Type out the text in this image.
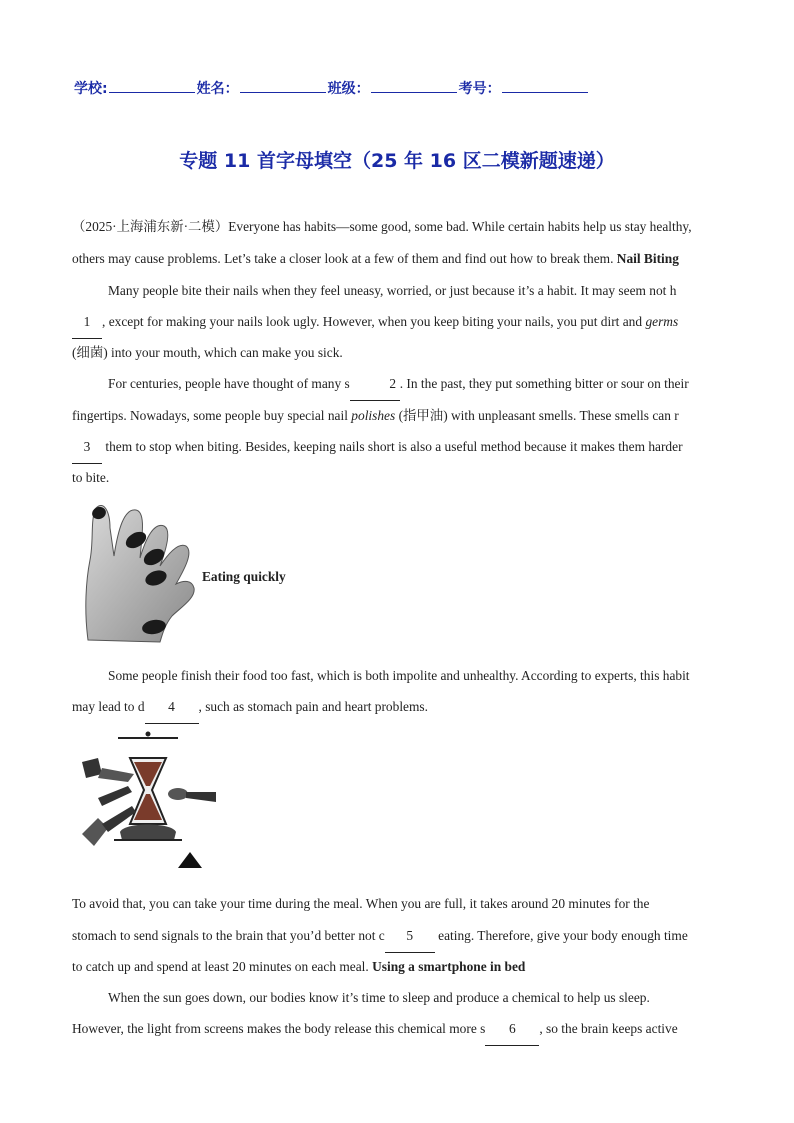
学校:	姓名：	班级：	考号：
专题 11 首字母填空（25 年 16 区二模新题速递）
（2025·上海浦东新·二模）Everyone has habits—some good, some bad. While certain habits help us stay healthy,
others may cause problems. Let’s take a closer look at a few of them and find out how to break them. Nail Biting
Many people bite their nails when they feel uneasy, worried, or just because it’s a habit. It may seem not h
1 , except for making your nails look ugly. However, when you keep biting your nails, you put dirt and germs
(细菌) into your mouth, which can make you sick.
For centuries, people have thought of many s	2 . In the past, they put something bitter or sour on their
fingertips. Nowadays, some people buy special nail polishes (指甲油) with unpleasant smells. These smells can r
3 them to stop when biting. Besides, keeping nails short is also a useful method because it makes them harder
to bite.
Eating quickly
Some people finish their food too fast, which is both impolite and unhealthy. According to experts, this habit
may lead to d 4 , such as stomach pain and heart problems.
To avoid that, you can take your time during the meal. When you are full, it takes around 20 minutes for the
stomach to send signals to the brain that you’d better not c 5 eating. Therefore, give your body enough time
to catch up and spend at least 20 minutes on each meal. Using a smartphone in bed
When the sun goes down, our bodies know it’s time to sleep and produce a chemical to help us sleep.
However, the light from screens makes the body release this chemical more s 6 , so the brain keeps active
